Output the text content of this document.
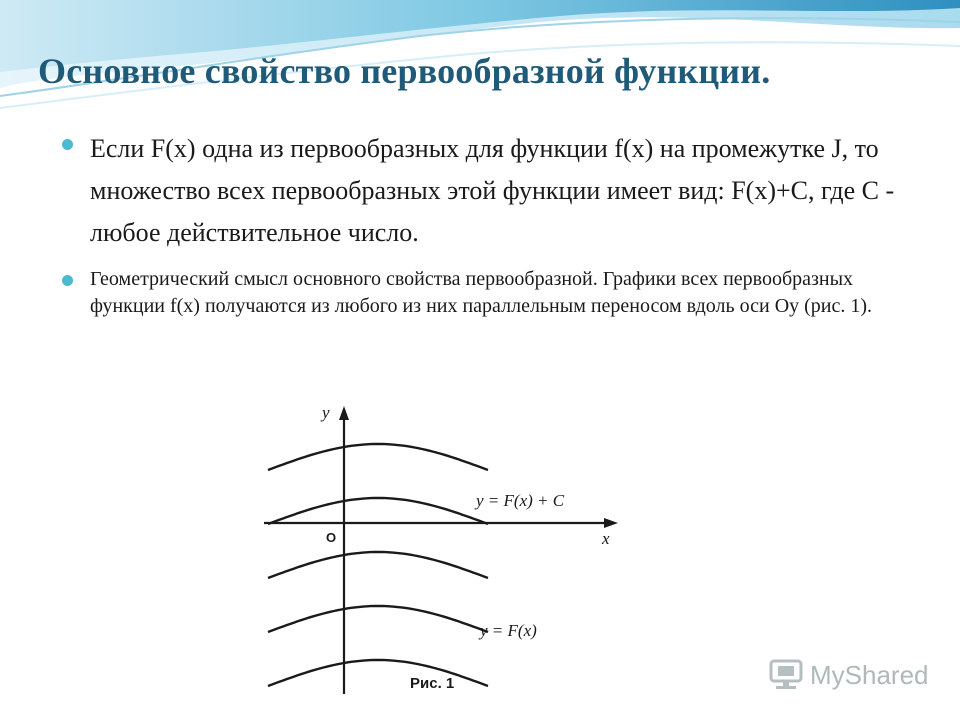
Основное свойство первообразной функции.
Если F(x) одна из первообразных для функции f(x) на промежутке J, то множество всех первообразных этой функции имеет вид: F(x)+C, где C - любое действительное число.
Геометрический смысл основного свойства первообразной. Графики всех первообразных функции f(x) получаются из любого из них параллельным переносом вдоль оси Oy (рис. 1).
y
x
O
y = F(x) + C
y = F(x)
Рис. 1	MyShared
